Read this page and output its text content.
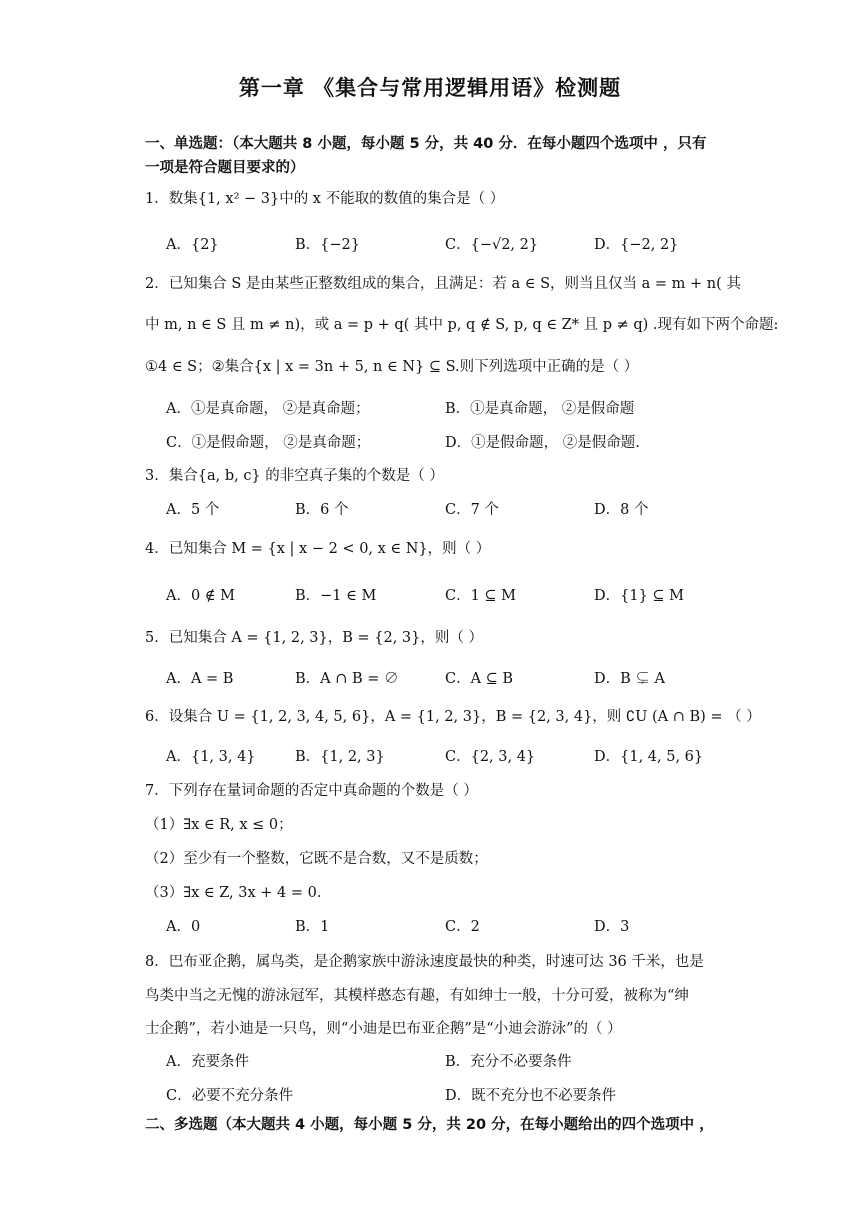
第一章 《集合与常用逻辑用语》检测题
一、单选题：（本大题共 8 小题，每小题 5 分，共 40 分．在每小题四个选项中 ，只有
一项是符合题目要求的）
1．数集{1, x² − 3}中的 x 不能取的数值的集合是（ ）
A．{2}	B．{−2}	C．{−√2, 2}	D．{−2, 2}
2．已知集合 S 是由某些正整数组成的集合，且满足：若 a ∈ S，则当且仅当 a = m + n( 其
中 m, n ∈ S 且 m ≠ n)，或 a = p + q( 其中 p, q ∉ S, p, q ∈ Z* 且 p ≠ q) .现有如下两个命题:
①4 ∈ S；②集合{x | x = 3n + 5, n ∈ N} ⊆ S.则下列选项中正确的是（ ）
A．①是真命题， ②是真命题；	B．①是真命题， ②是假命题
C．①是假命题， ②是真命题；	D．①是假命题， ②是假命题.
3．集合{a, b, c} 的非空真子集的个数是（ ）
A．5 个	B．6 个	C．7 个	D．8 个
4．已知集合 M = {x | x − 2 < 0, x ∈ N}，则（ ）
A．0 ∉ M	B．−1 ∈ M	C．1 ⊆ M	D．{1} ⊆ M
5．已知集合 A = {1, 2, 3}，B = {2, 3}，则（ ）
A．A = B	B．A ∩ B = ∅	C．A ⊆ B	D．B ⊊ A
6．设集合 U = {1, 2, 3, 4, 5, 6}，A = {1, 2, 3}，B = {2, 3, 4}，则 ∁U (A ∩ B) = （ ）
A．{1, 3, 4}	B．{1, 2, 3}	C．{2, 3, 4}	D．{1, 4, 5, 6}
7．下列存在量词命题的否定中真命题的个数是（ ）
（1）∃x ∈ R, x ≤ 0；
（2）至少有一个整数，它既不是合数，又不是质数；
（3）∃x ∈ Z, 3x + 4 = 0.
A．0	B．1	C．2	D．3
8．巴布亚企鹅，属鸟类，是企鹅家族中游泳速度最快的种类，时速可达 36 千米，也是
鸟类中当之无愧的游泳冠军，其模样憨态有趣，有如绅士一般，十分可爱，被称为“绅
士企鹅”，若小迪是一只鸟，则“小迪是巴布亚企鹅”是“小迪会游泳”的（ ）
A．充要条件	B．充分不必要条件
C．必要不充分条件	D．既不充分也不必要条件
二、多选题（本大题共 4 小题，每小题 5 分，共 20 分，在每小题给出的四个选项中 ，
